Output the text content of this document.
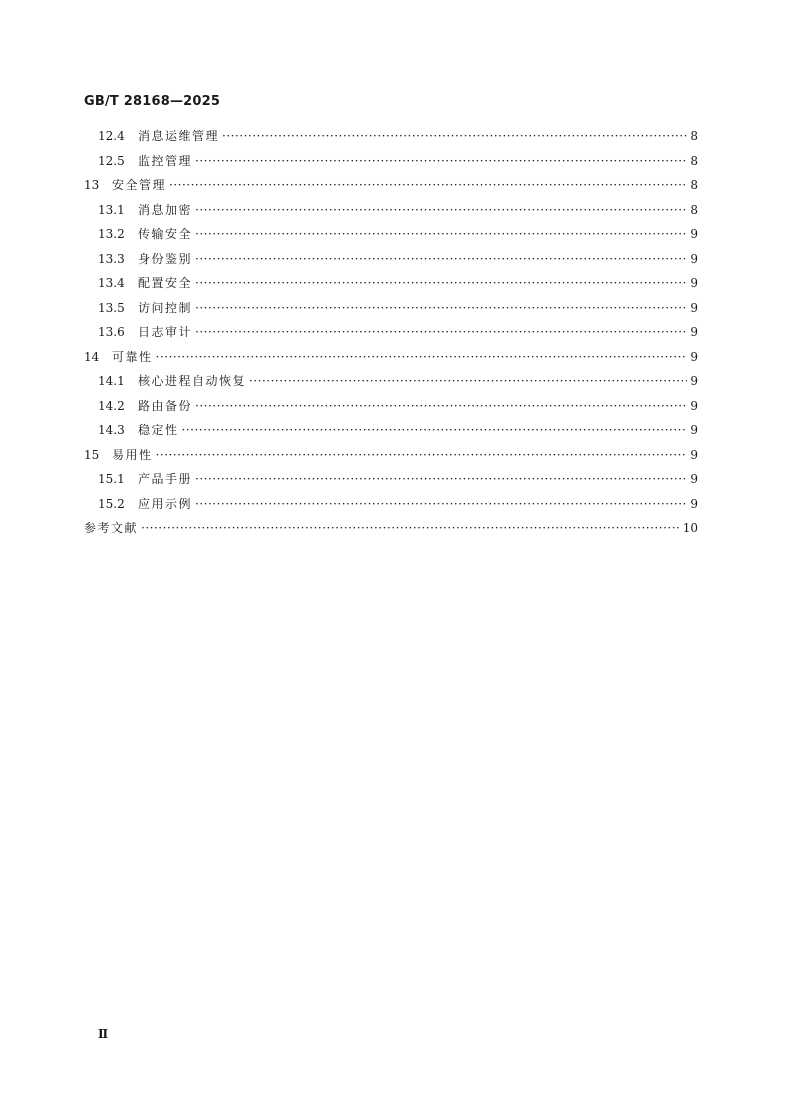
GB/T 28168—2025
12.4	消息运维管理 ·····	8
12.5	监控管理 ·····	8
13	安全管理 ·····	8
13.1	消息加密 ·····	8
13.2	传输安全 ·····	9
13.3	身份鉴别 ·····	9
13.4	配置安全 ·····	9
13.5	访问控制 ·····	9
13.6	日志审计 ·····	9
14	可靠性 ·····	9
14.1	核心进程自动恢复 ·····	9
14.2	路由备份 ·····	9
14.3	稳定性 ·····	9
15	易用性 ·····	9
15.1	产品手册 ·····	9
15.2	应用示例 ·····	9
参考文献 ·····	10
Ⅱ
